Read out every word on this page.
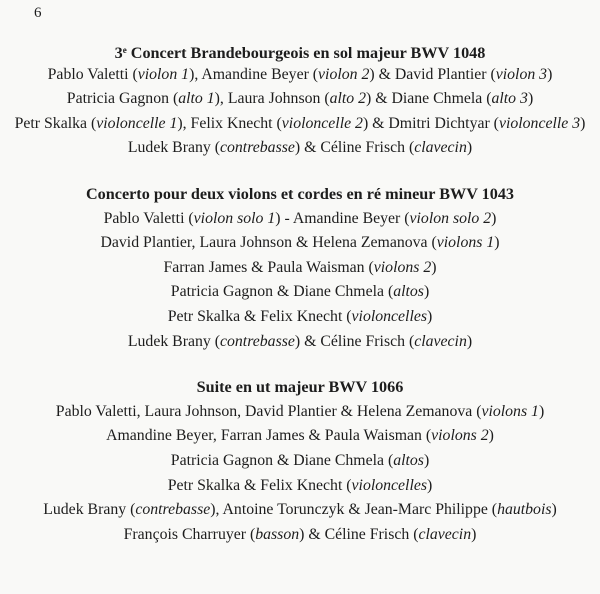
6
3e Concert Brandebourgeois en sol majeur BWV 1048
Pablo Valetti (violon 1), Amandine Beyer (violon 2) & David Plantier (violon 3)
Patricia Gagnon (alto 1), Laura Johnson (alto 2) & Diane Chmela (alto 3)
Petr Skalka (violoncelle 1), Felix Knecht (violoncelle 2) & Dmitri Dichtyar (violoncelle 3)
Ludek Brany (contrebasse) & Céline Frisch (clavecin)
Concerto pour deux violons et cordes en ré mineur BWV 1043
Pablo Valetti (violon solo 1) - Amandine Beyer (violon solo 2)
David Plantier, Laura Johnson & Helena Zemanova (violons 1)
Farran James & Paula Waisman (violons 2)
Patricia Gagnon & Diane Chmela (altos)
Petr Skalka & Felix Knecht (violoncelles)
Ludek Brany (contrebasse) & Céline Frisch (clavecin)
Suite en ut majeur BWV 1066
Pablo Valetti, Laura Johnson, David Plantier & Helena Zemanova (violons 1)
Amandine Beyer, Farran James & Paula Waisman (violons 2)
Patricia Gagnon & Diane Chmela (altos)
Petr Skalka & Felix Knecht (violoncelles)
Ludek Brany (contrebasse), Antoine Torunczyk & Jean-Marc Philippe (hautbois)
François Charruyer (basson) & Céline Frisch (clavecin)
